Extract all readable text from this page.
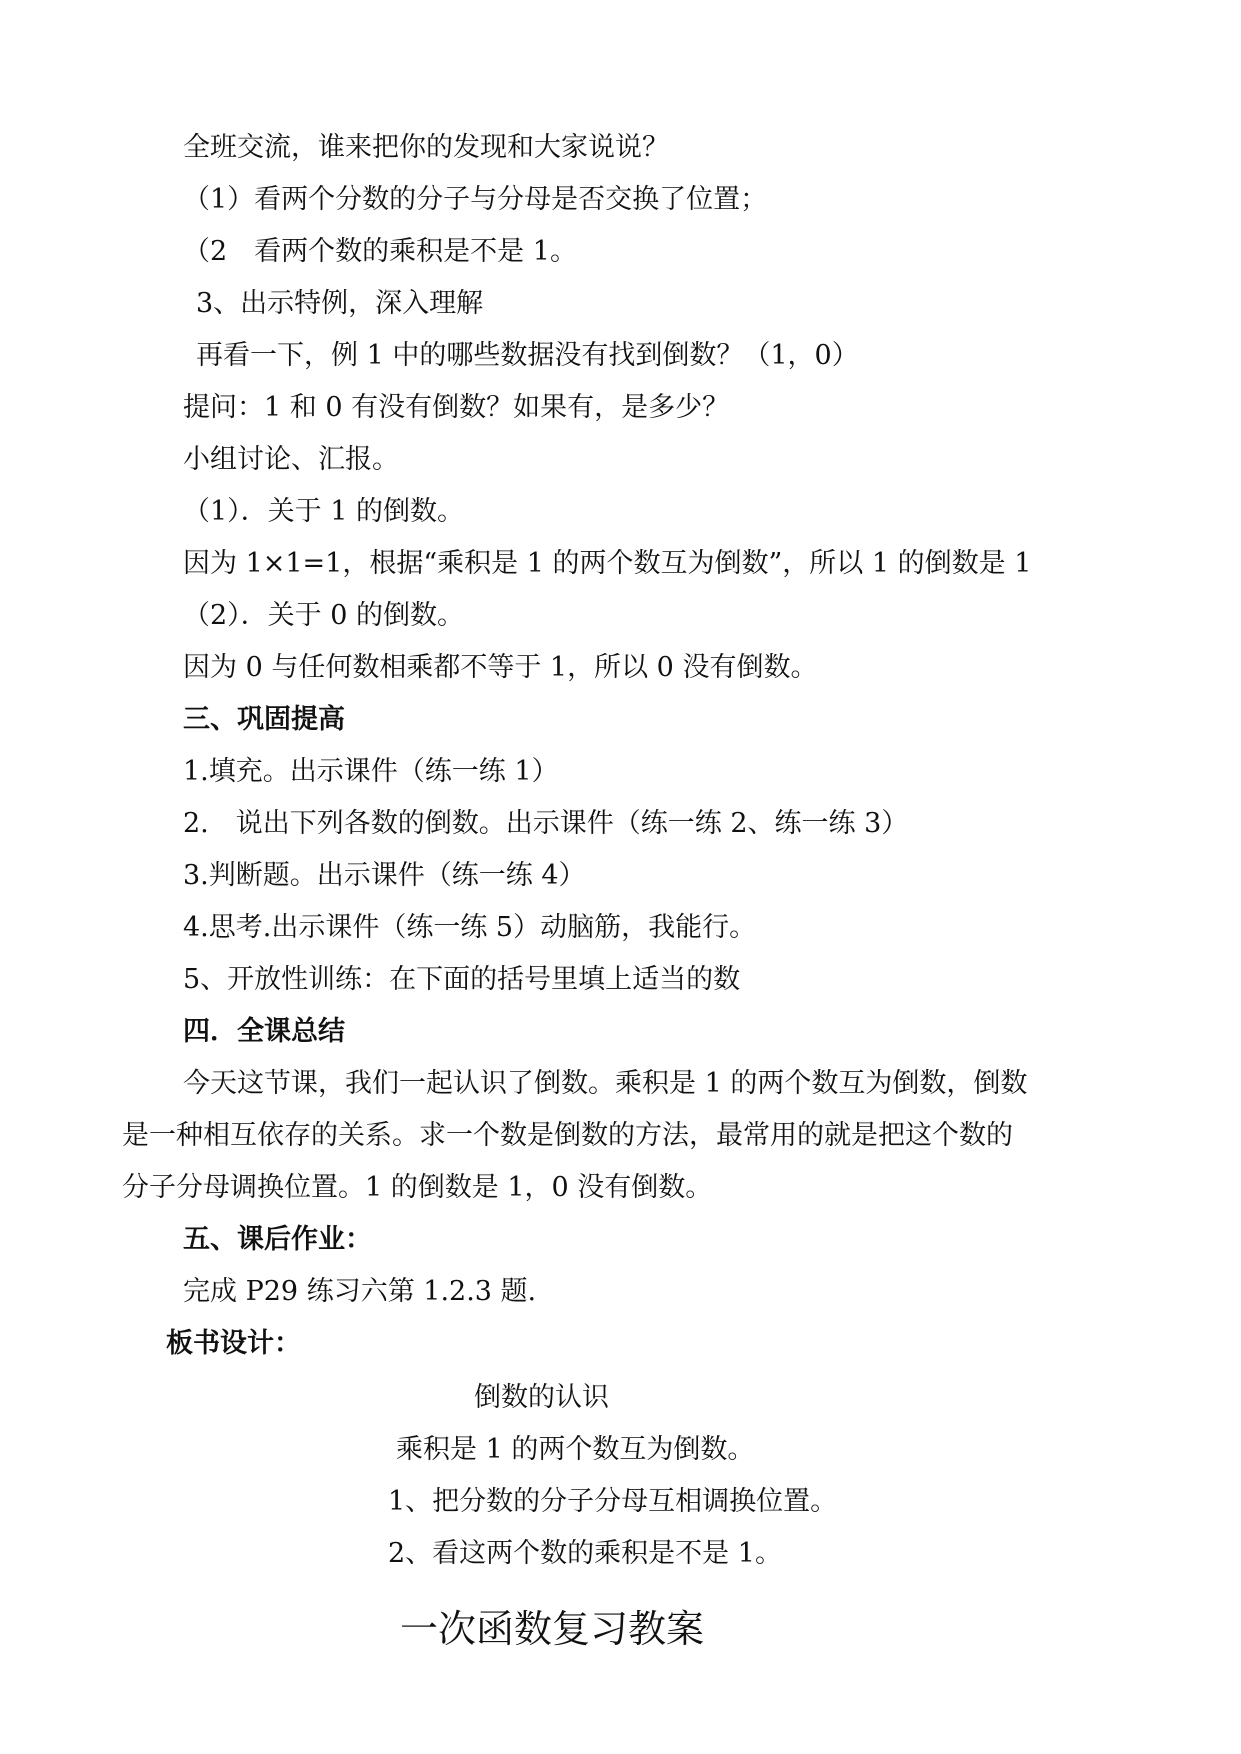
全班交流，谁来把你的发现和大家说说？
（1）看两个分数的分子与分母是否交换了位置；
（2　看两个数的乘积是不是 1。
3、出示特例，深入理解
再看一下，例 1 中的哪些数据没有找到倒数？（1，0）
提问：1 和 0 有没有倒数？如果有，是多少？
小组讨论、汇报。
（1）．关于 1 的倒数。
因为 1×1=1，根据“乘积是 1 的两个数互为倒数”，所以 1 的倒数是 1
（2）．关于 0 的倒数。
因为 0 与任何数相乘都不等于 1，所以 0 没有倒数。
三、巩固提高
1.填充。出示课件（练一练 1）
2.　说出下列各数的倒数。出示课件（练一练 2、练一练 3）
3.判断题。出示课件（练一练 4）
4.思考.出示课件（练一练 5）动脑筋，我能行。
5、开放性训练：在下面的括号里填上适当的数
四．全课总结
今天这节课，我们一起认识了倒数。乘积是 1 的两个数互为倒数，倒数
是一种相互依存的关系。求一个数是倒数的方法，最常用的就是把这个数的
分子分母调换位置。1 的倒数是 1，0 没有倒数。
五、课后作业：
完成 P29 练习六第 1.2.3 题.
板书设计：
倒数的认识
乘积是 1 的两个数互为倒数。
1、把分数的分子分母互相调换位置。
2、看这两个数的乘积是不是 1。
一次函数复习教案
